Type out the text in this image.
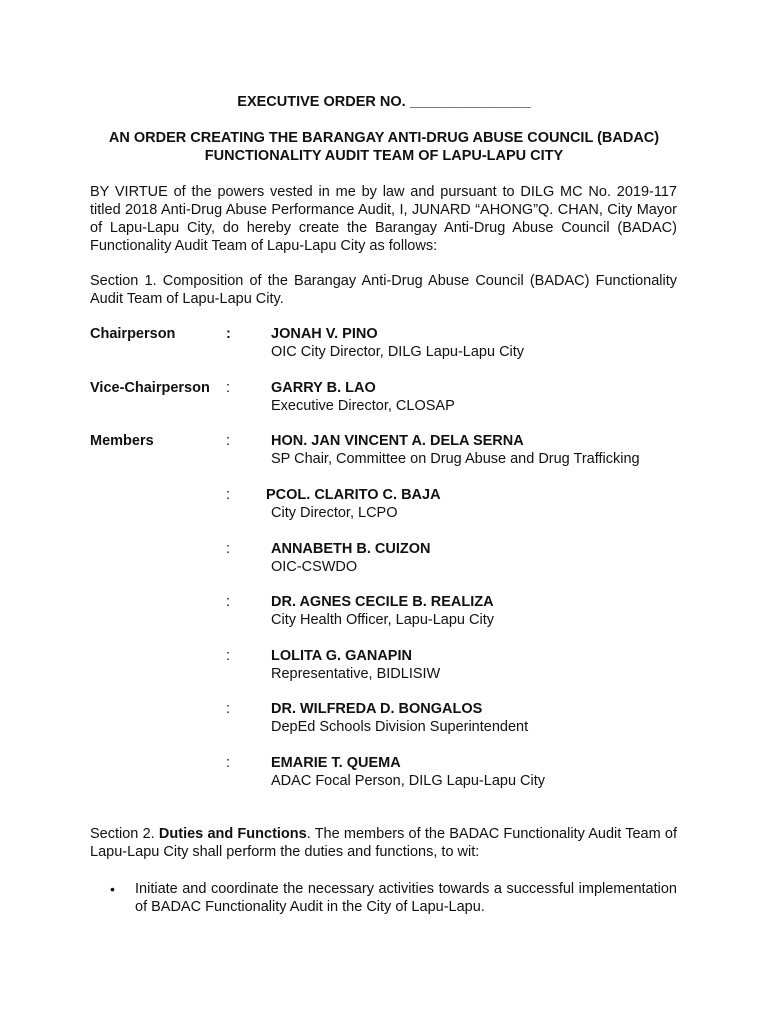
EXECUTIVE ORDER NO. _______________
AN ORDER CREATING THE BARANGAY ANTI-DRUG ABUSE COUNCIL (BADAC)
FUNCTIONALITY AUDIT TEAM OF LAPU-LAPU CITY
BY VIRTUE of the powers vested in me by law and pursuant to DILG MC No. 2019-117 titled 2018 Anti-Drug Abuse Performance Audit, I, JUNARD “AHONG”Q. CHAN, City Mayor of Lapu-Lapu City, do hereby create the Barangay Anti-Drug Abuse Council (BADAC) Functionality Audit Team of Lapu-Lapu City as follows:
Section 1. Composition of the Barangay Anti-Drug Abuse Council (BADAC) Functionality Audit Team of Lapu-Lapu City.
Chairperson	:	JONAH V. PINO
OIC City Director, DILG Lapu-Lapu City
Vice-Chairperson :	GARRY B. LAO
Executive Director, CLOSAP
Members	:	HON. JAN VINCENT A. DELA SERNA
SP Chair, Committee on Drug Abuse and Drug Trafficking
: PCOL. CLARITO C. BAJA
City Director, LCPO
:	ANNABETH B. CUIZON
OIC-CSWDO
:	DR. AGNES CECILE B. REALIZA
City Health Officer, Lapu-Lapu City
:	LOLITA G. GANAPIN
Representative, BIDLISIW
:	DR. WILFREDA D. BONGALOS
DepEd Schools Division Superintendent
:	EMARIE T. QUEMA
ADAC Focal Person, DILG Lapu-Lapu City
Section 2. Duties and Functions. The members of the BADAC Functionality Audit Team of Lapu-Lapu City shall perform the duties and functions, to wit:
• Initiate and coordinate the necessary activities towards a successful implementation of BADAC Functionality Audit in the City of Lapu-Lapu.
